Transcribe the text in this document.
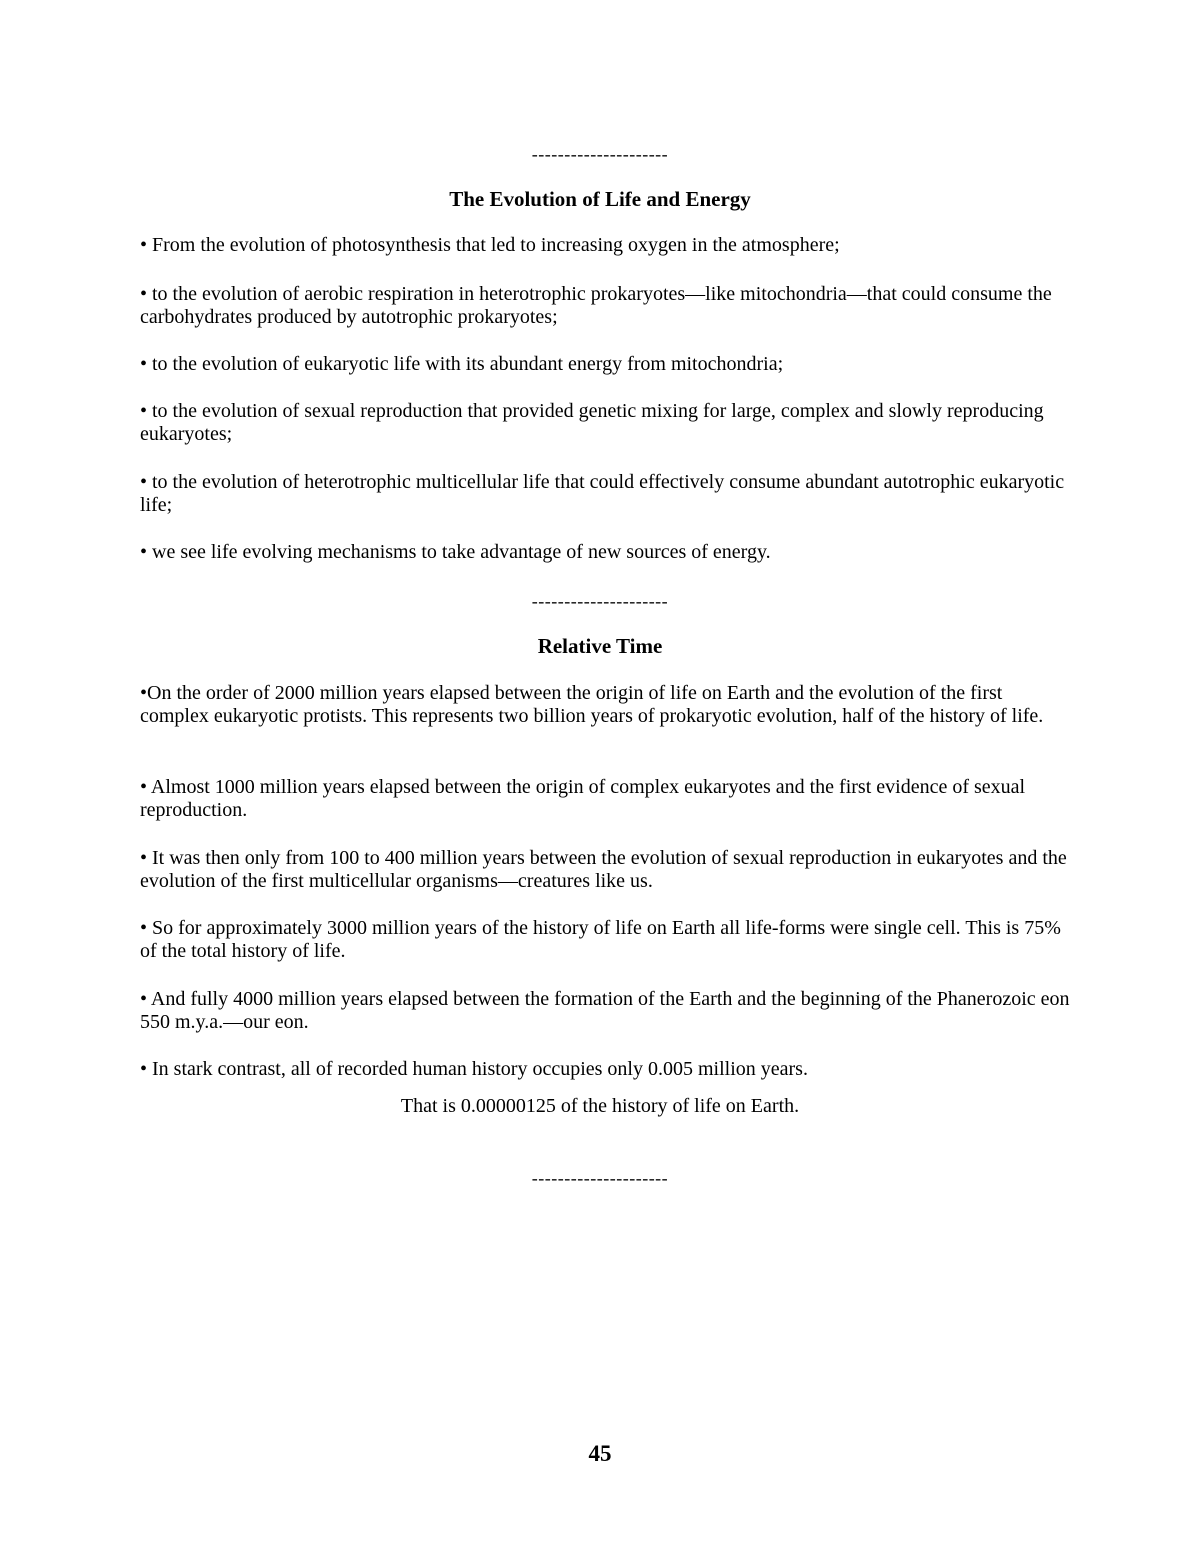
---------------------
The Evolution of Life and Energy

• From the evolution of photosynthesis that led to increasing oxygen in the atmosphere;

• to the evolution of aerobic respiration in heterotrophic prokaryotes—like mitochondria—that could consume the carbohydrates produced by autotrophic prokaryotes;

• to the evolution of eukaryotic life with its abundant energy from mitochondria;

• to the evolution of sexual reproduction that provided genetic mixing for large, complex and slowly reproducing eukaryotes;

• to the evolution of heterotrophic multicellular life that could effectively consume abundant autotrophic eukaryotic life;

• we see life evolving mechanisms to take advantage of new sources of energy.

---------------------
Relative Time

•On the order of 2000 million years elapsed between the origin of life on Earth and the evolution of the first complex eukaryotic protists. This represents two billion years of prokaryotic evolution, half of the history of life.

• Almost 1000 million years elapsed between the origin of complex eukaryotes and the first evidence of sexual reproduction.

• It was then only from 100 to 400 million years between the evolution of sexual reproduction in eukaryotes and the evolution of the first multicellular organisms—creatures like us.

• So for approximately 3000 million years of the history of life on Earth all life-forms were single cell. This is 75% of the total history of life.

• And fully 4000 million years elapsed between the formation of the Earth and the beginning of the Phanerozoic eon 550 m.y.a.—our eon.

• In stark contrast, all of recorded human history occupies only 0.005 million years.

That is 0.00000125 of the history of life on Earth.
---------------------
45
